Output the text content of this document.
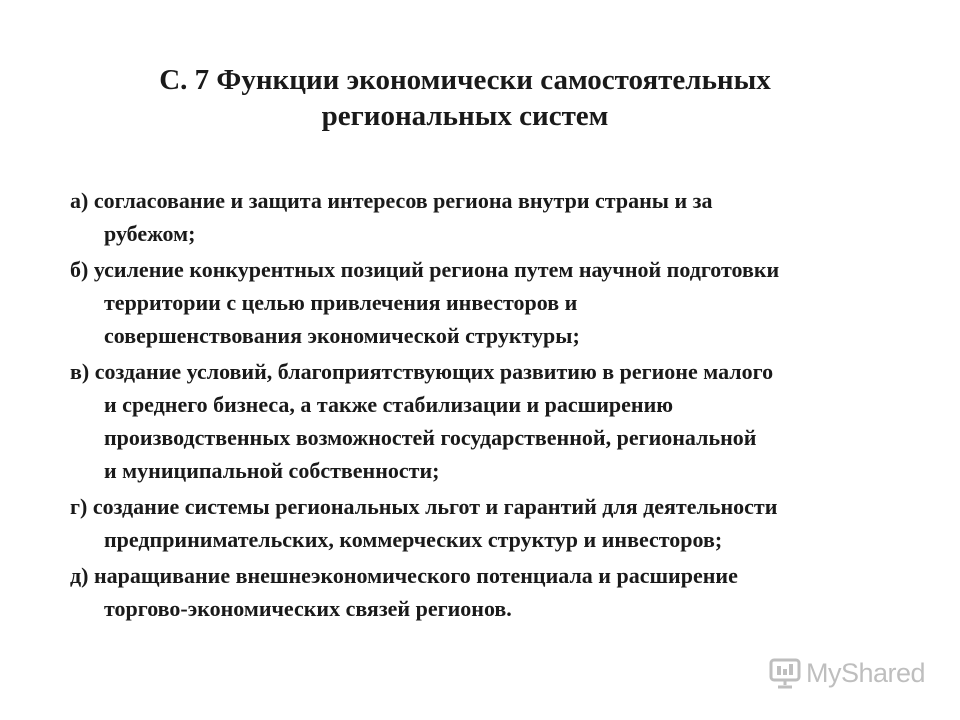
С. 7 Функции экономически самостоятельных
региональных систем
а) согласование и защита интересов региона внутри страны и за
рубежом;
б) усиление конкурентных позиций региона путем научной подготовки
территории с целью привлечения инвесторов и
совершенствования экономической структуры;
в) создание условий, благоприятствующих развитию в регионе малого
и среднего бизнеса, а также стабилизации и расширению
производственных возможностей государственной, региональной
и муниципальной собственности;
г) создание системы региональных льгот и гарантий для деятельности
предпринимательских, коммерческих структур и инвесторов;
д) наращивание внешнеэкономического потенциала и расширение
торгово-экономических связей регионов.
MyShared
